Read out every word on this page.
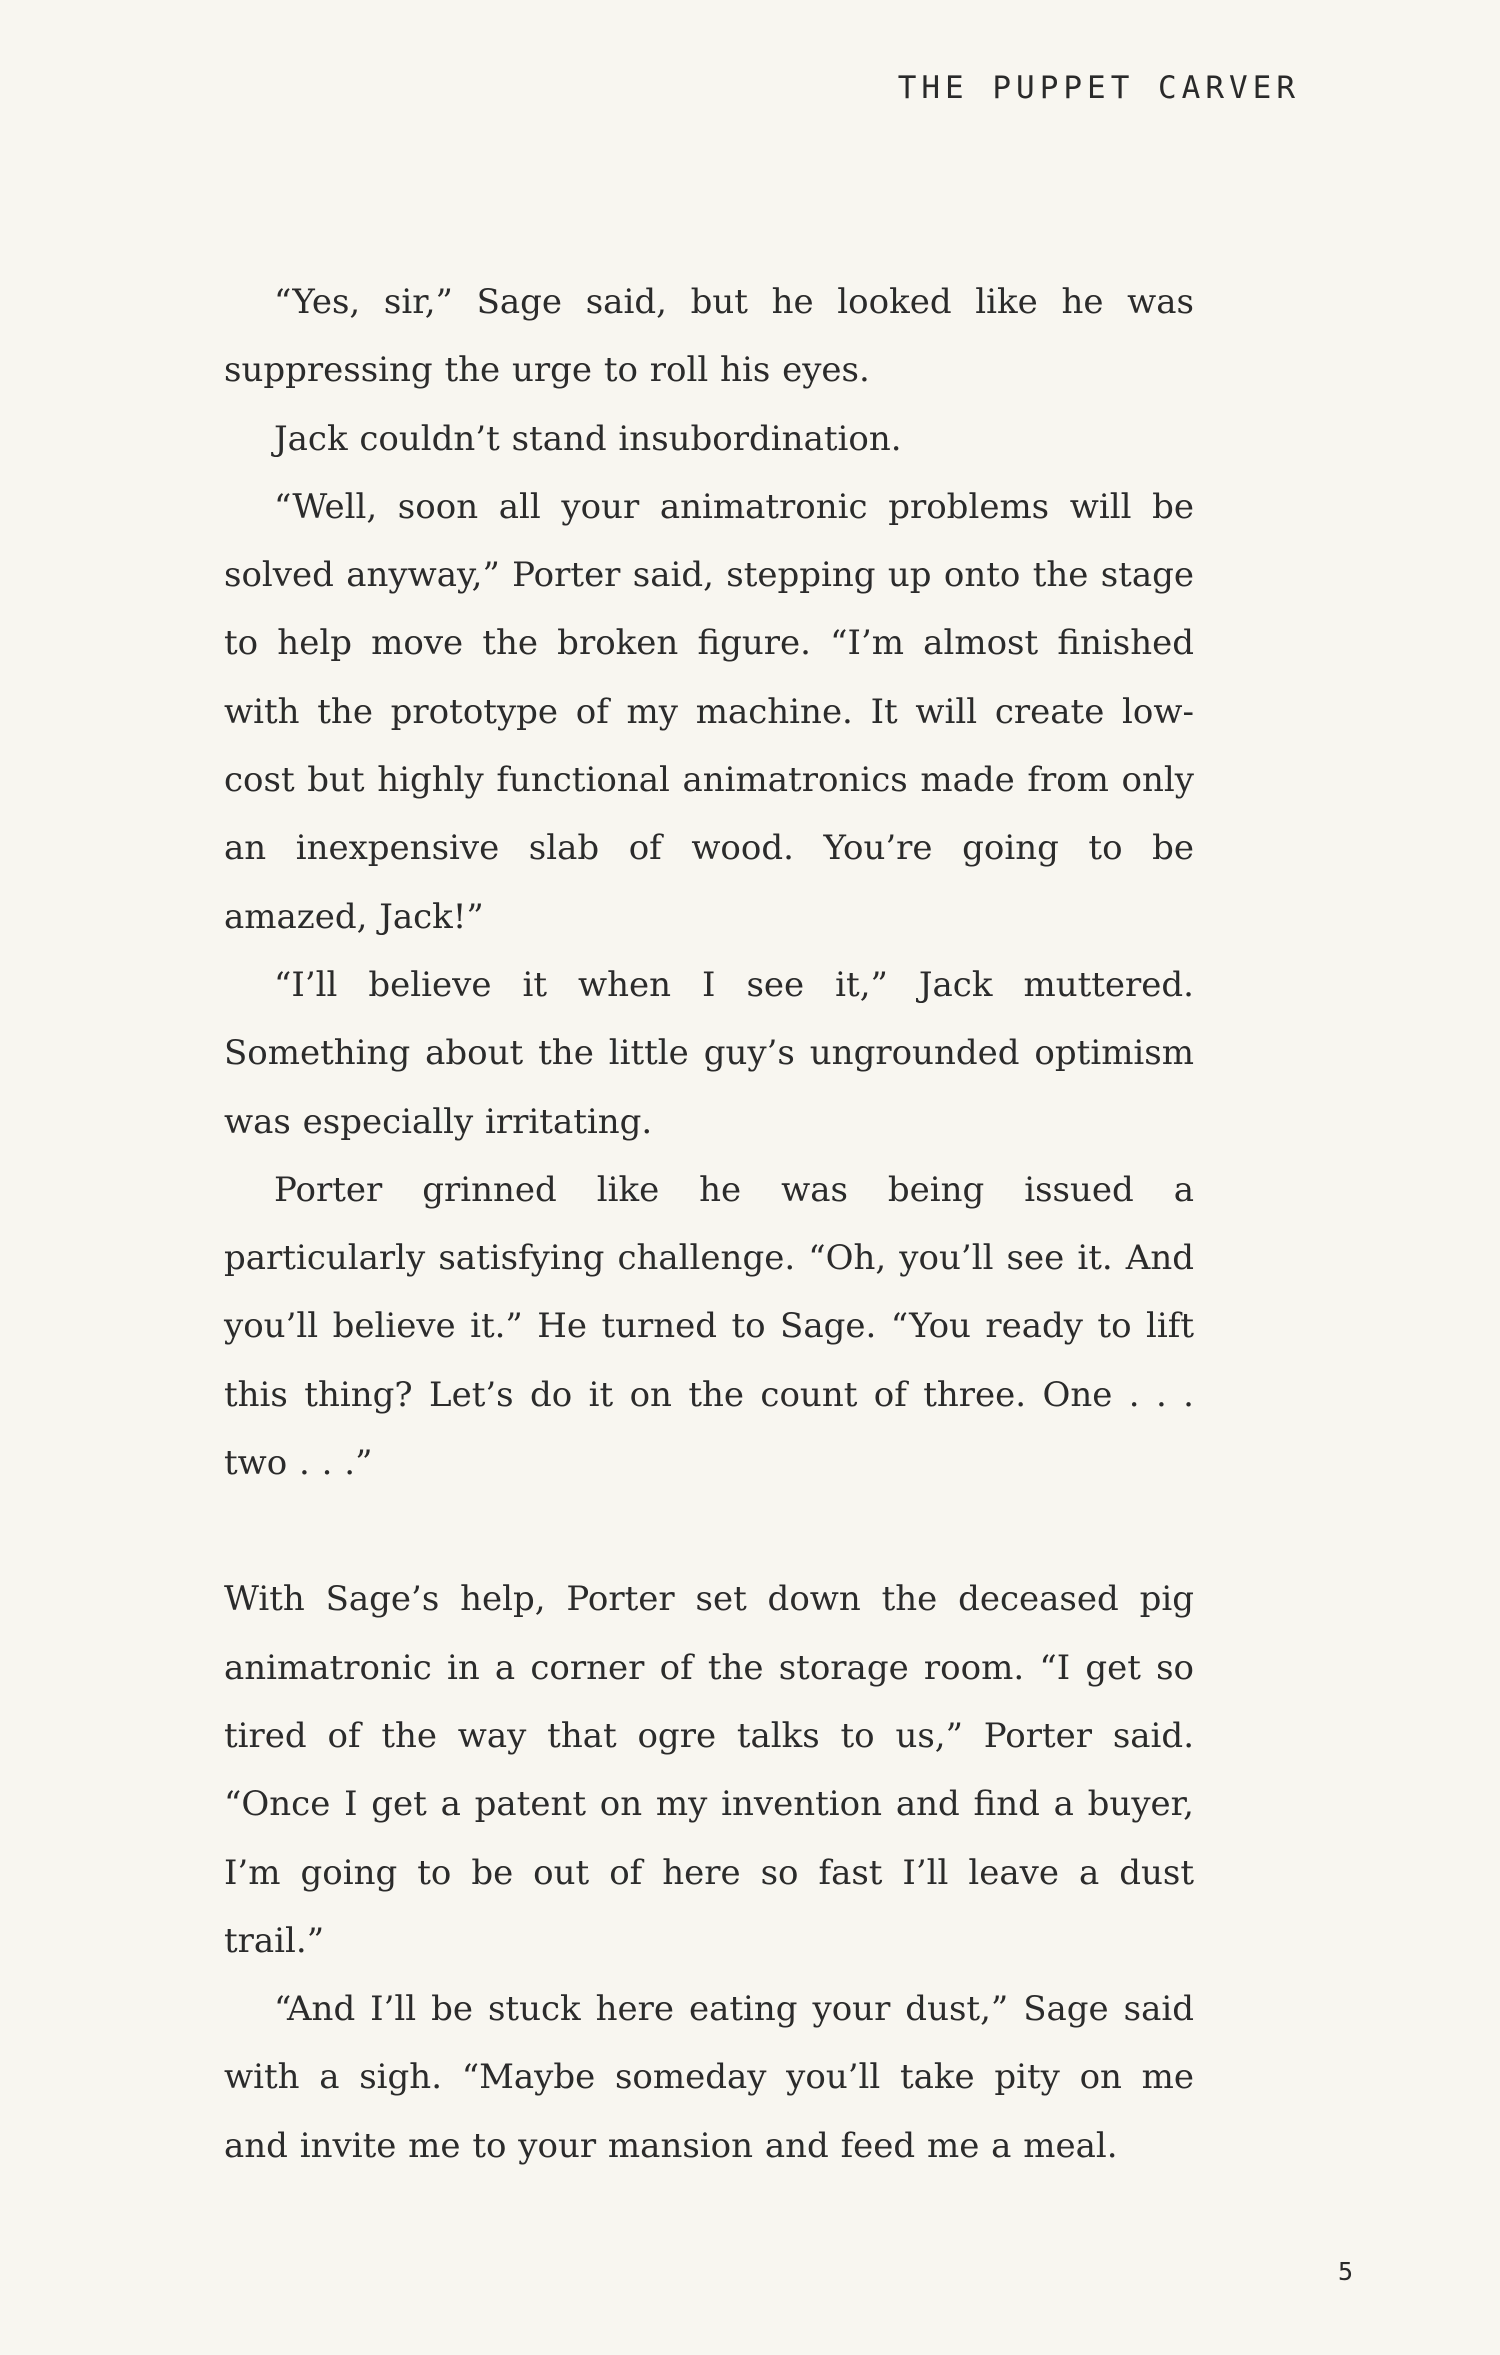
THE PUPPET CARVER

“Yes, sir,” Sage said, but he looked like he was suppressing the urge to roll his eyes.

Jack couldn’t stand insubordination.

“Well, soon all your animatronic problems will be solved anyway,” Porter said, stepping up onto the stage to help move the broken figure. “I’m almost finished with the prototype of my machine. It will create low-cost but highly functional animatronics made from only an inexpensive slab of wood. You’re going to be amazed, Jack!”

“I’ll believe it when I see it,” Jack muttered. Something about the little guy’s ungrounded optimism was especially irritating.

Porter grinned like he was being issued a particularly satisfying challenge. “Oh, you’ll see it. And you’ll believe it.” He turned to Sage. “You ready to lift this thing? Let’s do it on the count of three. One . . . two . . .”

With Sage’s help, Porter set down the deceased pig animatronic in a corner of the storage room. “I get so tired of the way that ogre talks to us,” Porter said. “Once I get a patent on my invention and find a buyer, I’m going to be out of here so fast I’ll leave a dust trail.”

“And I’ll be stuck here eating your dust,” Sage said with a sigh. “Maybe someday you’ll take pity on me and invite me to your mansion and feed me a meal.

5
